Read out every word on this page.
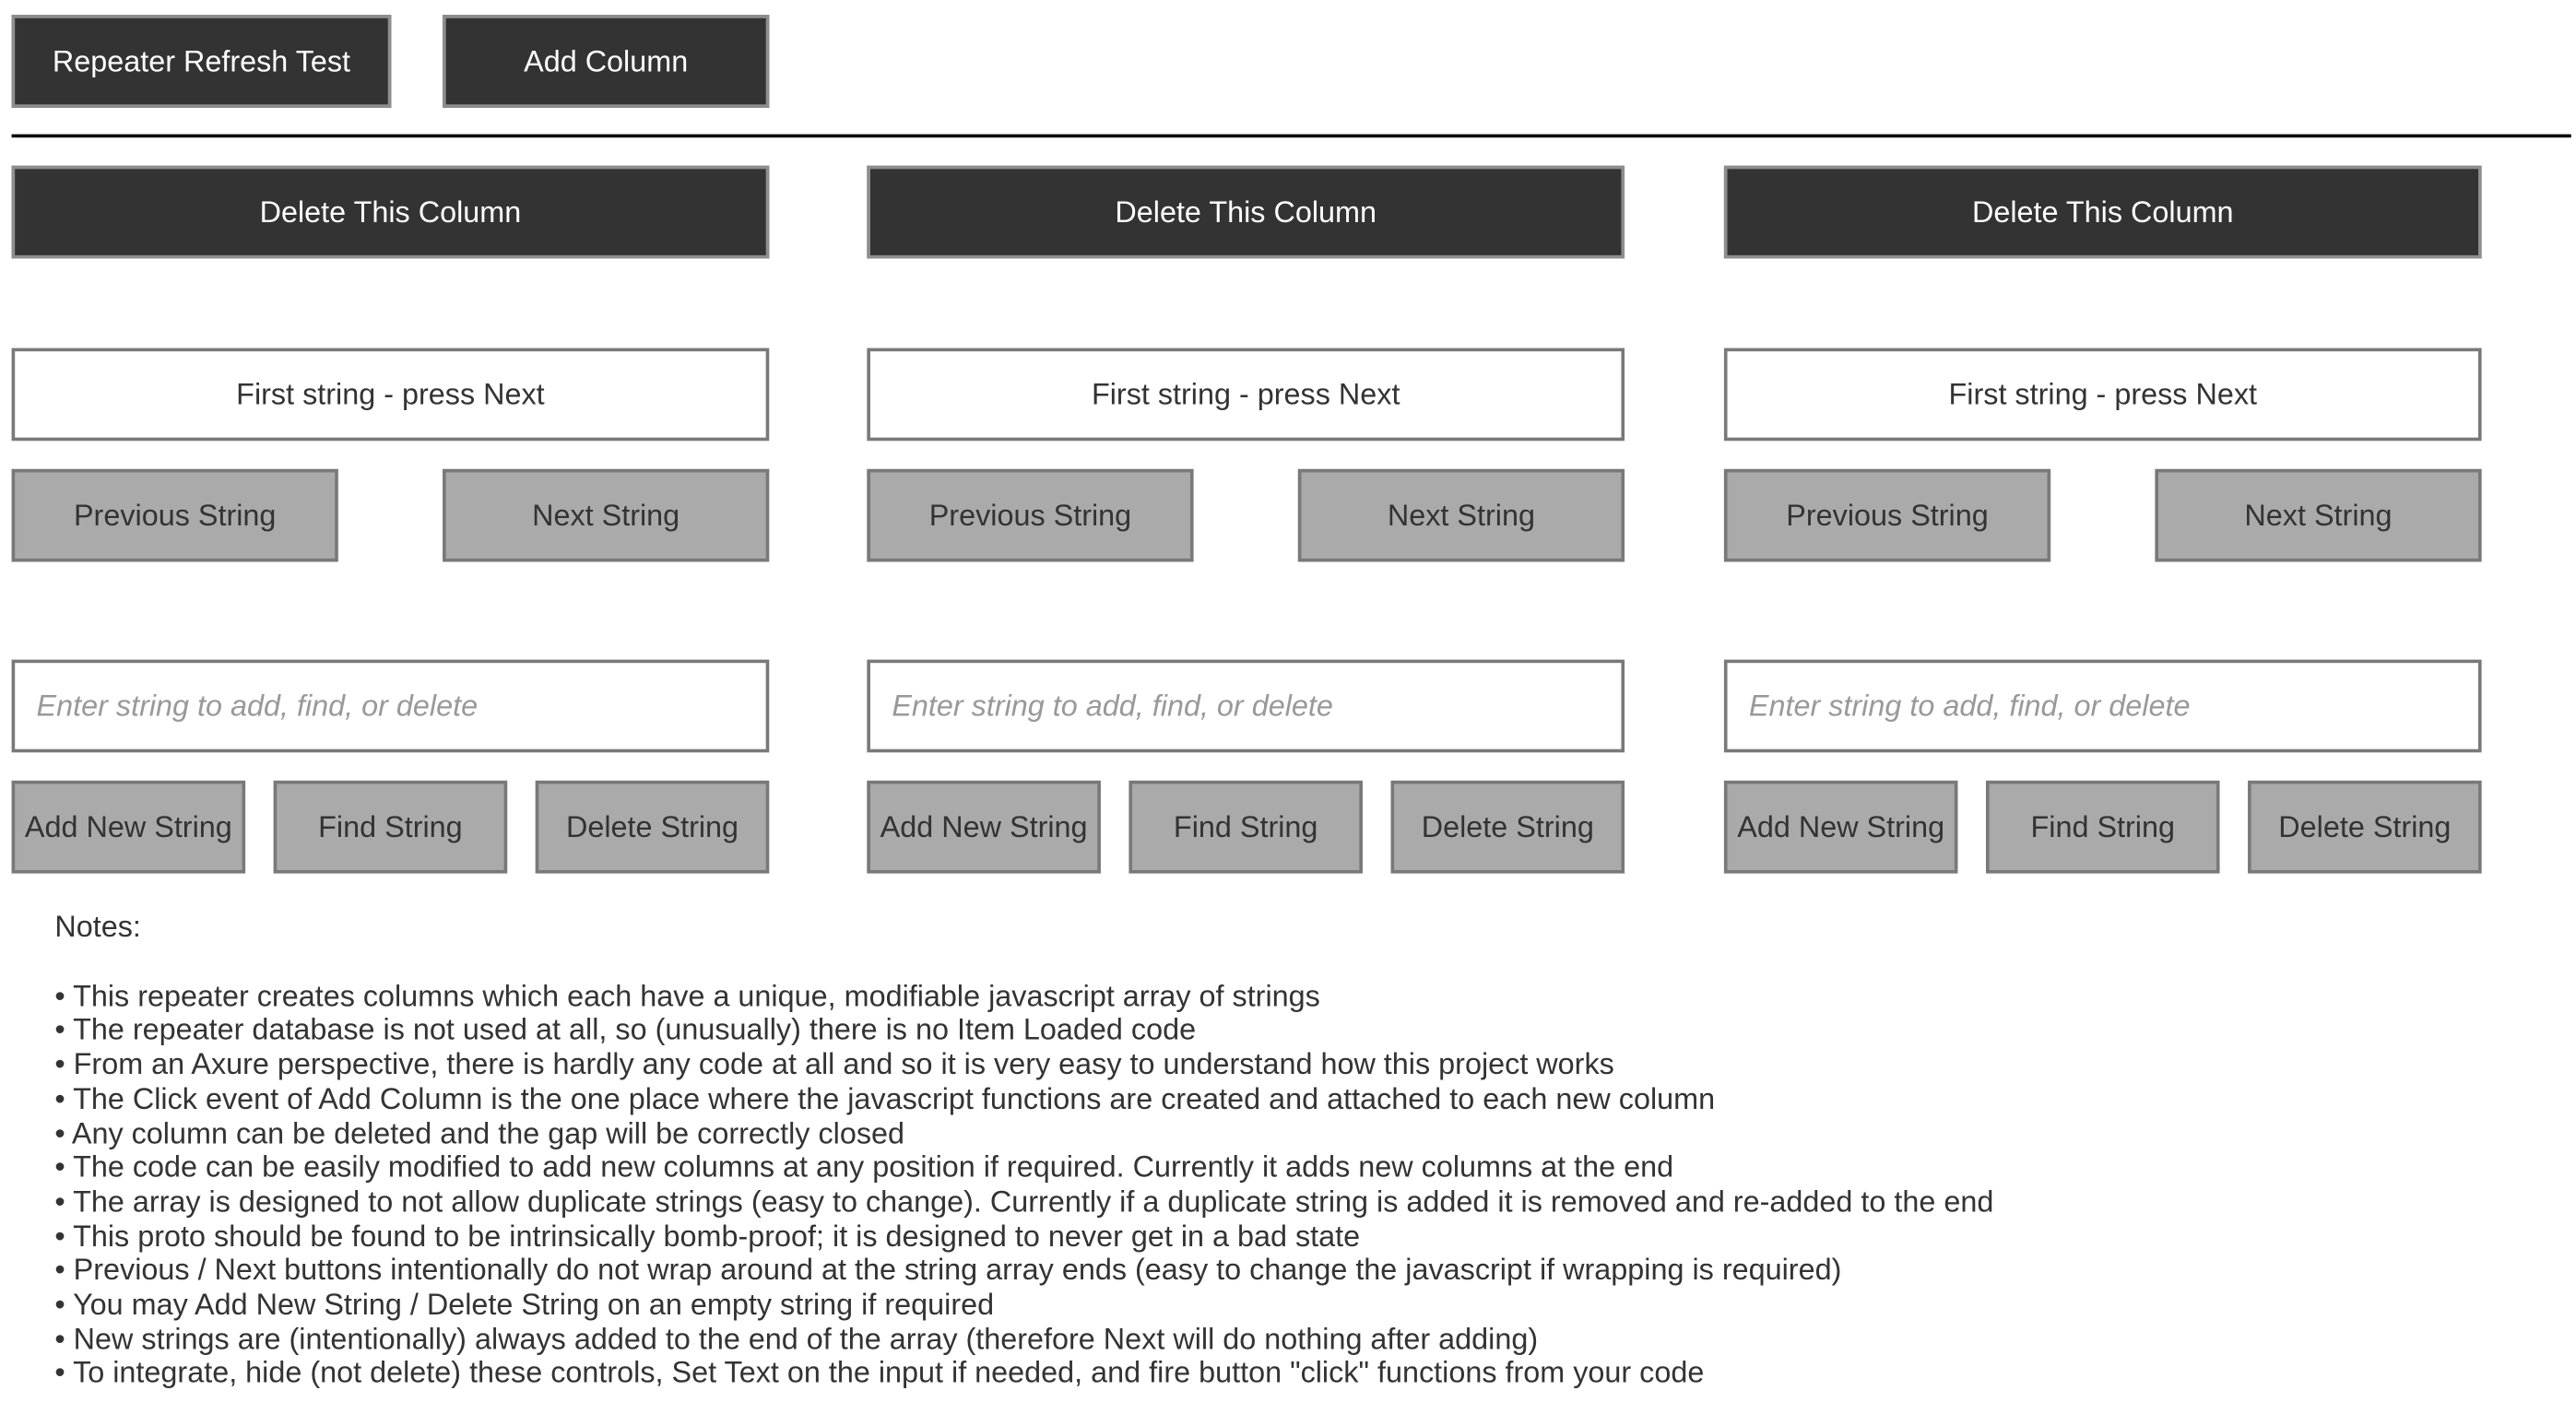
Repeater Refresh Test	Add Column
Delete This Column
First string - press Next
Previous String	Next String
Enter string to add, find, or delete
Add New String	Find String	Delete String
Delete This Column
First string - press Next
Previous String	Next String
Enter string to add, find, or delete
Add New String	Find String	Delete String
Delete This Column
First string - press Next
Previous String	Next String
Enter string to add, find, or delete
Add New String	Find String	Delete String
Notes:
• This repeater creates columns which each have a unique, modifiable javascript array of strings
• The repeater database is not used at all, so (unusually) there is no Item Loaded code
• From an Axure perspective, there is hardly any code at all and so it is very easy to understand how this project works
• The Click event of Add Column is the one place where the javascript functions are created and attached to each new column
• Any column can be deleted and the gap will be correctly closed
• The code can be easily modified to add new columns at any position if required. Currently it adds new columns at the end
• The array is designed to not allow duplicate strings (easy to change). Currently if a duplicate string is added it is removed and re-added to the end
• This proto should be found to be intrinsically bomb-proof; it is designed to never get in a bad state
• Previous / Next buttons intentionally do not wrap around at the string array ends (easy to change the javascript if wrapping is required)
• You may Add New String / Delete String on an empty string if required
• New strings are (intentionally) always added to the end of the array (therefore Next will do nothing after adding)
• To integrate, hide (not delete) these controls, Set Text on the input if needed, and fire button "click" functions from your code
